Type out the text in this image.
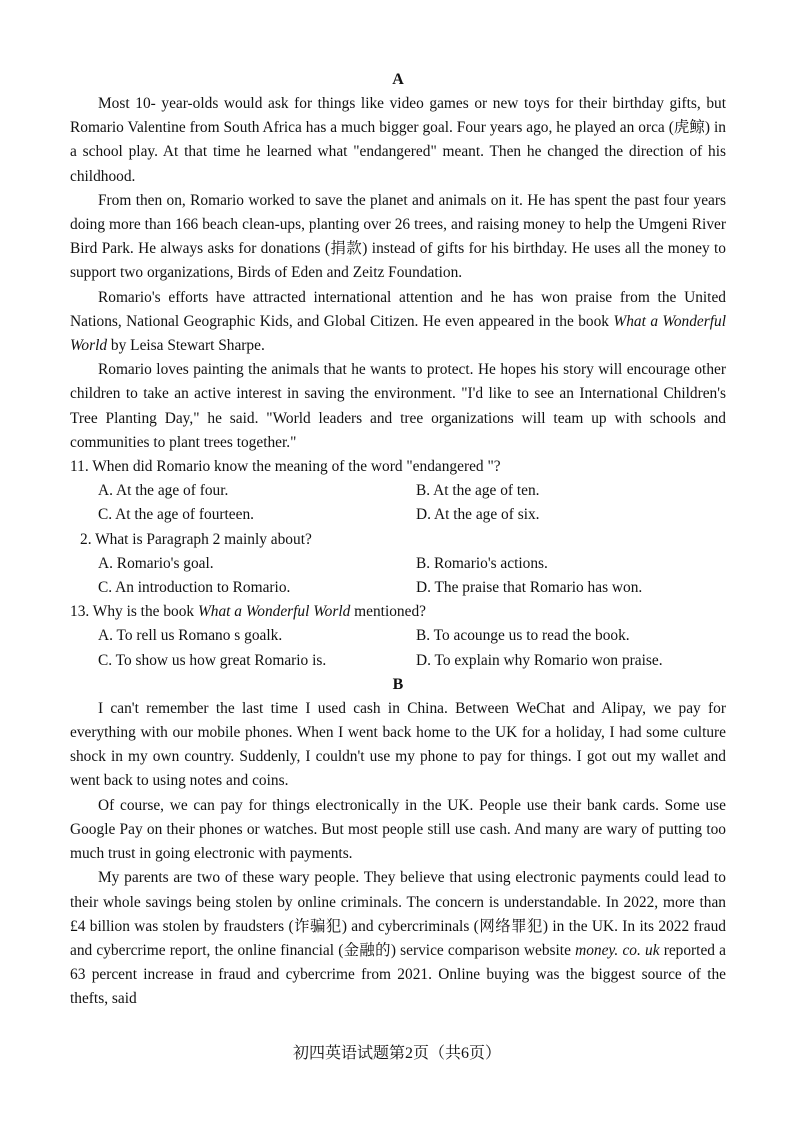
A

Most 10- year-olds would ask for things like video games or new toys for their birthday gifts, but Romario Valentine from South Africa has a much bigger goal. Four years ago, he played an orca (虎鲸) in a school play. At that time he learned what "endangered" meant. Then he changed the direction of his childhood.

From then on, Romario worked to save the planet and animals on it. He has spent the past four years doing more than 166 beach clean-ups, planting over 26 trees, and raising money to help the Umgeni River Bird Park. He always asks for donations (捐款) instead of gifts for his birthday. He uses all the money to support two organizations, Birds of Eden and Zeitz Foundation.

Romario's efforts have attracted international attention and he has won praise from the United Nations, National Geographic Kids, and Global Citizen. He even appeared in the book What a Wonderful World by Leisa Stewart Sharpe.

Romario loves painting the animals that he wants to protect. He hopes his story will encourage other children to take an active interest in saving the environment. "I'd like to see an International Children's Tree Planting Day," he said. "World leaders and tree organizations will team up with schools and communities to plant trees together."

11. When did Romario know the meaning of the word "endangered "?
A. At the age of four.	B. At the age of ten.
C. At the age of fourteen.	D. At the age of six.
2. What is Paragraph 2 mainly about?
A. Romario's goal.	B. Romario's actions.
C. An introduction to Romario.	D. The praise that Romario has won.
13. Why is the book What a Wonderful World mentioned?
A. To rell us Romano s goalk.	B. To acounge us to read the book.
C. To show us how great Romario is.	D. To explain why Romario won praise.
B

I can't remember the last time I used cash in China. Between WeChat and Alipay, we pay for everything with our mobile phones. When I went back home to the UK for a holiday, I had some culture shock in my own country. Suddenly, I couldn't use my phone to pay for things. I got out my wallet and went back to using notes and coins.

Of course, we can pay for things electronically in the UK. People use their bank cards. Some use Google Pay on their phones or watches. But most people still use cash. And many are wary of putting too much trust in going electronic with payments.

My parents are two of these wary people. They believe that using electronic payments could lead to their whole savings being stolen by online criminals. The concern is understandable. In 2022, more than £4 billion was stolen by fraudsters (诈骗犯) and cybercriminals (网络罪犯) in the UK. In its 2022 fraud and cybercrime report, the online financial (金融的) service comparison website money. co. uk reported a 63 percent increase in fraud and cybercrime from 2021. Online buying was the biggest source of the thefts, said

初四英语试题第2页（共6页）
